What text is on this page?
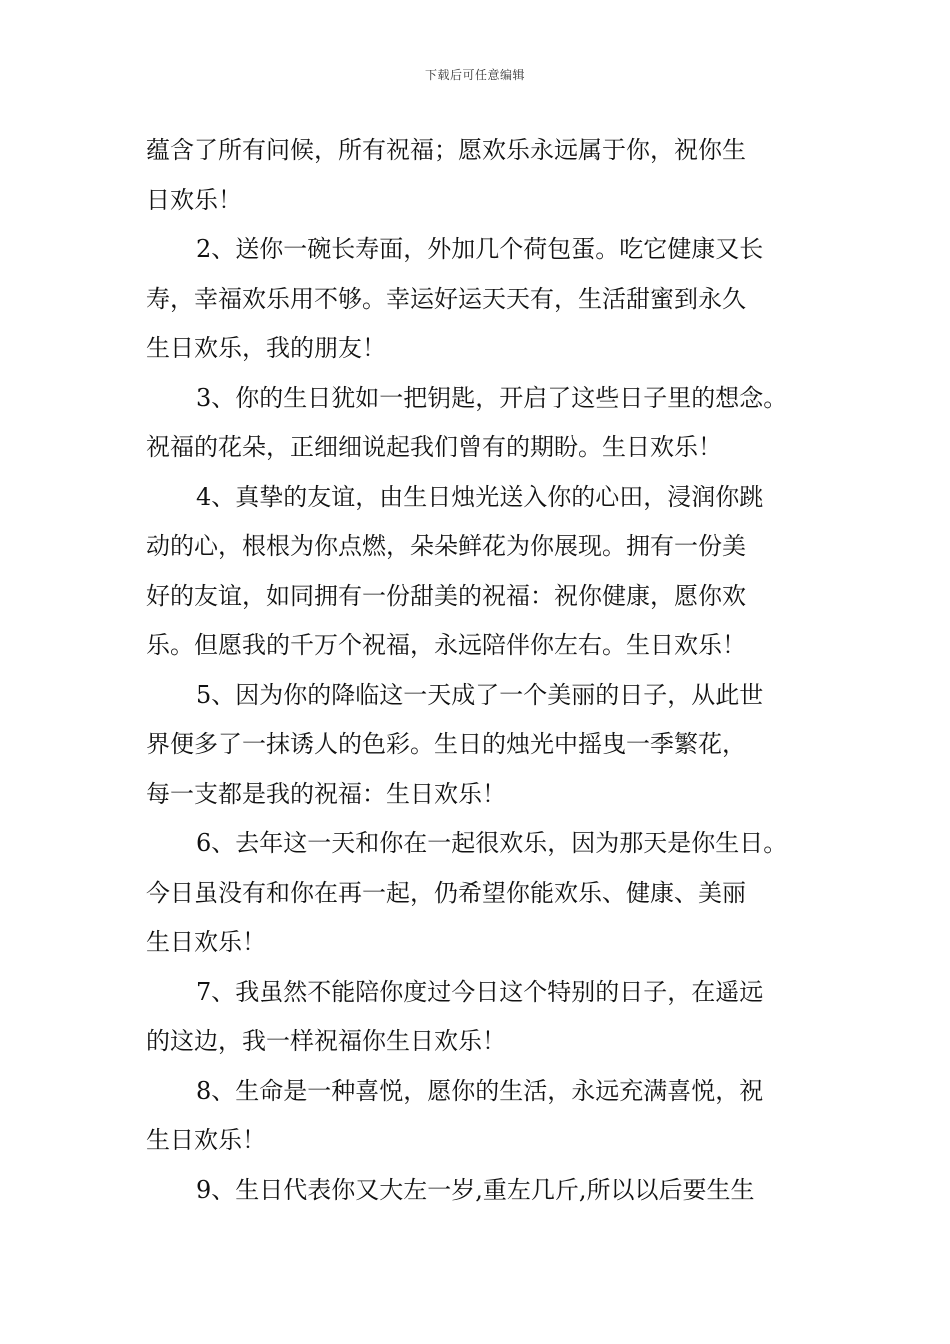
下载后可任意编辑
蕴含了所有问候，所有祝福；愿欢乐永远属于你，祝你生
日欢乐！
2、送你一碗长寿面，外加几个荷包蛋。吃它健康又长
寿，幸福欢乐用不够。幸运好运天天有，生活甜蜜到永久
生日欢乐，我的朋友！
3、你的生日犹如一把钥匙，开启了这些日子里的想念。
祝福的花朵，正细细说起我们曾有的期盼。生日欢乐！
4、真挚的友谊，由生日烛光送入你的心田，浸润你跳
动的心，根根为你点燃，朵朵鲜花为你展现。拥有一份美
好的友谊，如同拥有一份甜美的祝福：祝你健康，愿你欢
乐。但愿我的千万个祝福，永远陪伴你左右。生日欢乐！
5、因为你的降临这一天成了一个美丽的日子，从此世
界便多了一抹诱人的色彩。生日的烛光中摇曳一季繁花，
每一支都是我的祝福：生日欢乐！
6、去年这一天和你在一起很欢乐，因为那天是你生日。
今日虽没有和你在再一起，仍希望你能欢乐、健康、美丽
生日欢乐！
7、我虽然不能陪你度过今日这个特别的日子，在遥远
的这边，我一样祝福你生日欢乐！
8、生命是一种喜悦，愿你的生活，永远充满喜悦，祝
生日欢乐！
9、生日代表你又大左一岁,重左几斤,所以以后要生生
